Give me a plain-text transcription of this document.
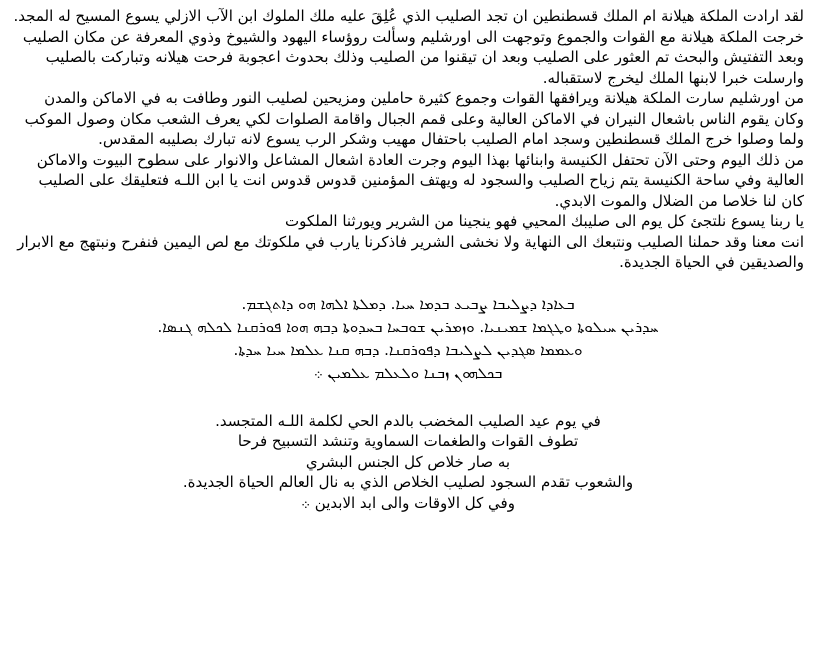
لقد ارادت الملكة هيلانة ام الملك قسطنطين ان تجد الصليب الذي عُلِقَ عليه ملك الملوك ابن الآب الازلي يسوع المسيح له المجد.

خرجت الملكة هيلانة مع القوات والجموع وتوجهت الى اورشليم وسألت روؤساء اليهود والشيوخ وذوي المعرفة عن مكان الصليب وبعد التفتيش والبحث تم العثور على الصليب وبعد ان تيقنوا من الصليب وذلك بحدوث اعجوبة فرحت هيلانه وتباركت بالصليب وارسلت خبرا لابنها الملك ليخرج لاستقباله.

من اورشليم سارت الملكة هيلانة ويرافقها القوات وجموع كثيرة حاملين ومزيحين لصليب النور وطافت به في الاماكن والمدن وكان يقوم الناس باشعال النيران في الاماكن العالية وعلى قمم الجبال واقامة الصلوات لكي يعرف الشعب مكان وصول الموكب ولما وصلوا خرج الملك قسطنطين وسجد امام الصليب باحتفال مهيب وشكر الرب يسوع لانه تبارك بصليبه المقدس.

من ذلك اليوم وحتى الآن تحتفل الكنيسة وابنائها بهذا اليوم وجرت العادة اشعال المشاعل والانوار على سطوح البيوت والاماكن العالية وفي ساحة الكنيسة يتم زياح الصليب والسجود له ويهتف المؤمنين قدوس قدوس انت يا ابن اللـه فتعليقك على الصليب كان لنا خلاصا من الضلال والموت الابدي.

يا ربنا يسوع نلتجئ كل يوم الى صليبك المحيي فهو ينجينا من الشرير ويورثنا الملكوت

انت معنا وقد حملنا الصليب ونتبعك الى النهاية ولا نخشى الشرير فاذكرنا يارب في ملكوتك مع لص اليمين فنفرح ونبتهج مع الابرار والصديقين في الحياة الجديدة.

ܒܥܐܕܐ ܕܨܠܝܒܐ ܨܒܝܥ ܒܕܡܐ ܚܝܐ. ܕܡܠܬܐ ܐܠܗܐ ܗܘ ܕܐܬܓܫܡ.

ܚܕܪܝܢ ܚܝܠܘܬܐ ܘܛܓܡܐ ܫܡܝܢܝܐ. ܘܙܡܪܝܢ ܫܘܒܚܐ ܒܚܕܘܬܐ ܕܒܗ ܗܘܐ ܦܘܪܩܢܐ ܠܟܠܗ ܓܢܣܐ.

ܘܥܡܡܐ ܣܓܕܝܢ ܠܨܠܝܒܐ ܕܦܘܪܩܢܐ. ܕܒܗ ܩܢܐ ܥܠܡܐ ܚܝܐ ܚܕܬܐ.

ܒܟܠܗܘܢ ܙܒܢܐ ܘܠܥܠܡ ܥܠܡܝܢ ܀

في يوم عيد الصليب المخضب بالدم الحي لكلمة اللـه المتجسد.

تطوف القوات والطغمات السماوية وتنشد التسبيح فرحا

به صار خلاص كل الجنس البشري

والشعوب تقدم السجود لصليب الخلاص الذي به نال العالم الحياة الجديدة.

وفي كل الاوقات والى ابد الابدين ܀
